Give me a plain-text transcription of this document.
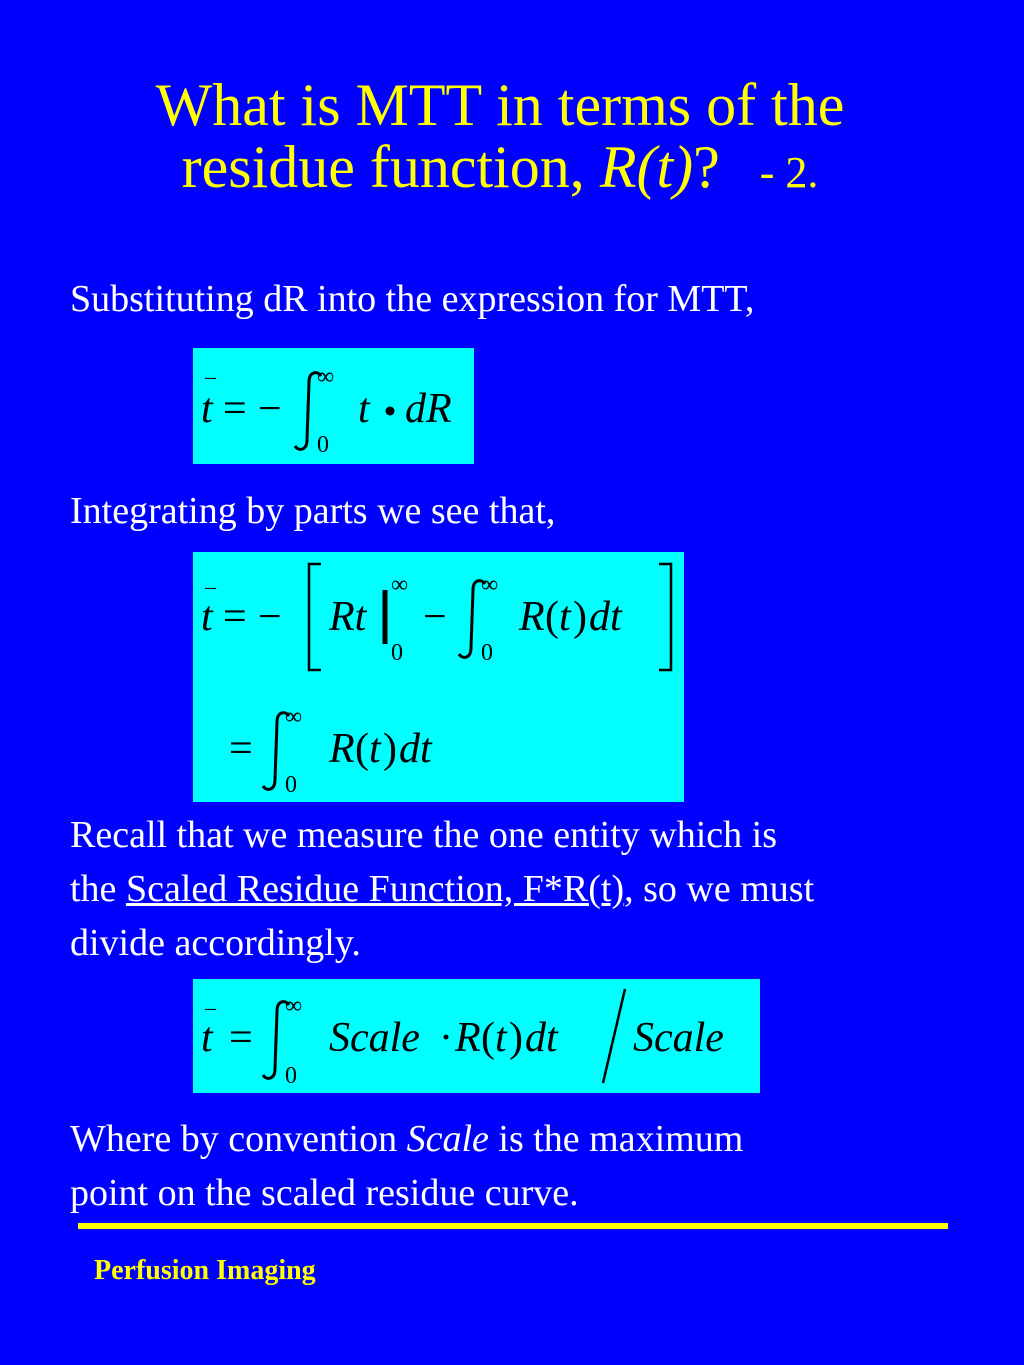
What is MTT in terms of the
residue function, R(t)? - 2.
Substituting dR into the expression for MTT,
_
t = −
∞
0
t dR
Integrating by parts we see that,
_
t = − Rt
∞
0
−
∞
0
R ( t ) dt
=
∞
0
R ( t ) dt
Recall that we measure the one entity which is
the Scaled Residue Function, F*R(t), so we must
divide accordingly.
_
t =
∞
0
Scale · R ( t ) dt Scale
Where by convention Scale is the maximum
point on the scaled residue curve.
Perfusion Imaging
